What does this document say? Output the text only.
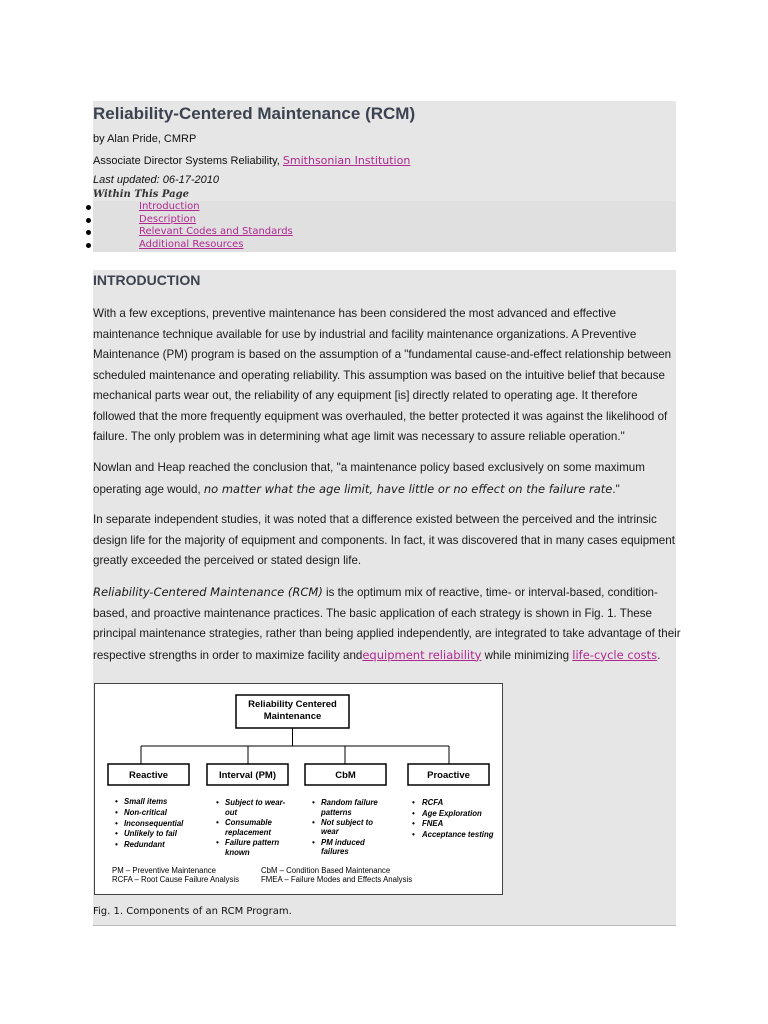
Reliability-Centered Maintenance (RCM)
by Alan Pride, CMRP
Associate Director Systems Reliability, Smithsonian Institution
Last updated: 06-17-2010
Within This Page
Introduction
Description
Relevant Codes and Standards
Additional Resources
INTRODUCTION
With a few exceptions, preventive maintenance has been considered the most advanced and effective maintenance technique available for use by industrial and facility maintenance organizations. A Preventive Maintenance (PM) program is based on the assumption of a "fundamental cause-and-effect relationship between scheduled maintenance and operating reliability. This assumption was based on the intuitive belief that because mechanical parts wear out, the reliability of any equipment [is] directly related to operating age. It therefore followed that the more frequently equipment was overhauled, the better protected it was against the likelihood of failure. The only problem was in determining what age limit was necessary to assure reliable operation."
Nowlan and Heap reached the conclusion that, "a maintenance policy based exclusively on some maximum operating age would, no matter what the age limit, have little or no effect on the failure rate."
In separate independent studies, it was noted that a difference existed between the perceived and the intrinsic design life for the majority of equipment and components. In fact, it was discovered that in many cases equipment greatly exceeded the perceived or stated design life.
Reliability-Centered Maintenance (RCM) is the optimum mix of reactive, time- or interval-based, condition-based, and proactive maintenance practices. The basic application of each strategy is shown in Fig. 1. These principal maintenance strategies, rather than being applied independently, are integrated to take advantage of their respective strengths in order to maximize facility andequipment reliability while minimizing life-cycle costs.
Reliability Centered
Maintenance
Reactive	Interval (PM)	CbM	Proactive
• Small items
• Non-critical
• Inconsequential
• Unlikely to fail
• Redundant
• Subject to wear-
out
• Consumable
replacement
• Failure pattern
known
• Random failure
patterns
• Not subject to
wear
• PM induced
failures
• RCFA
• Age Exploration
• FNEA
• Acceptance testing
PM – Preventive Maintenance
RCFA – Root Cause Failure Analysis
CbM – Condition Based Maintenance
FMEA – Failure Modes and Effects Analysis
Fig. 1. Components of an RCM Program.
